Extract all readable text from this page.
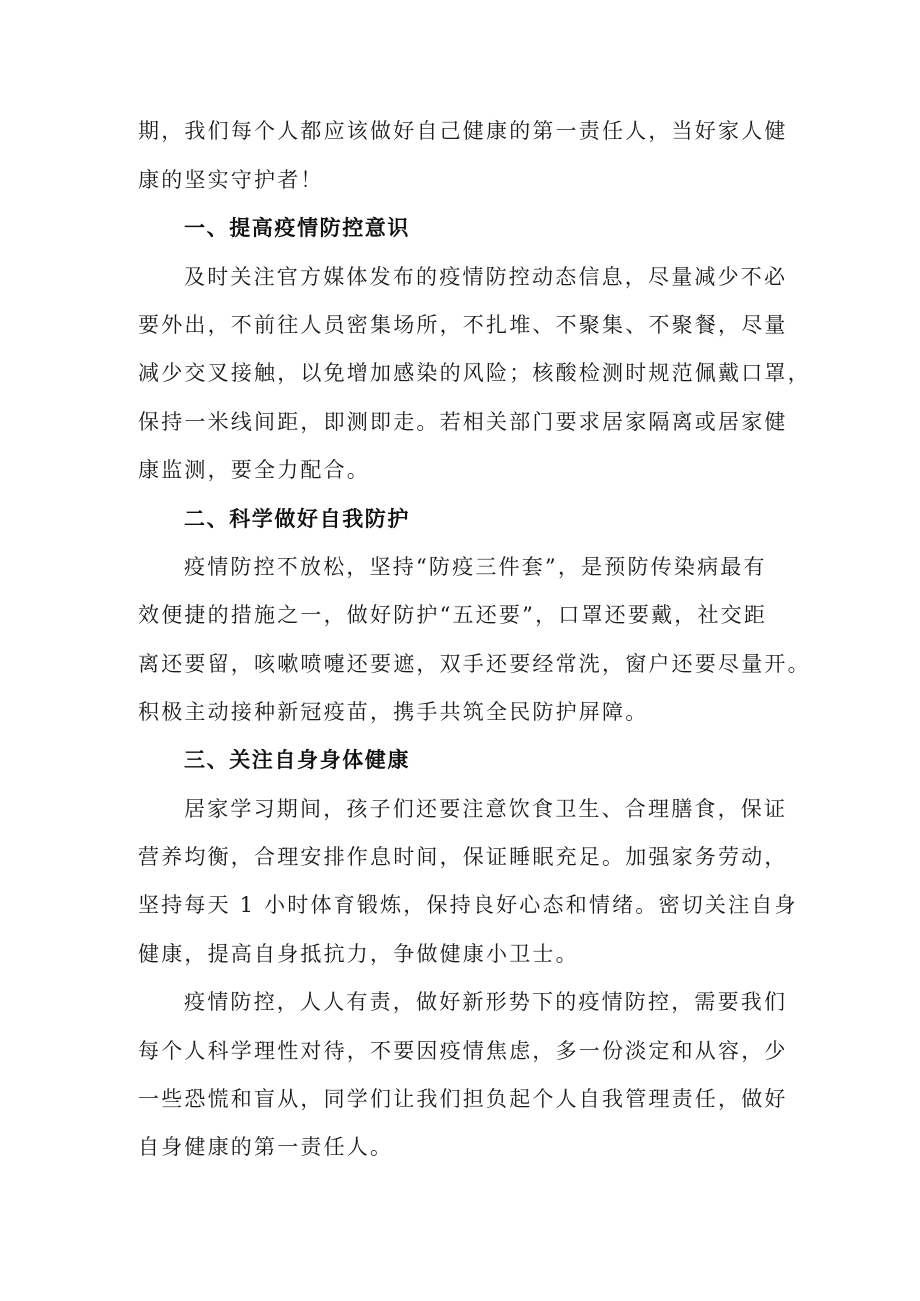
期，我们每个人都应该做好自己健康的第一责任人，当好家人健
康的坚实守护者！
一、提高疫情防控意识
及时关注官方媒体发布的疫情防控动态信息，尽量减少不必
要外出，不前往人员密集场所，不扎堆、不聚集、不聚餐，尽量
减少交叉接触，以免增加感染的风险；核酸检测时规范佩戴口罩，
保持一米线间距，即测即走。若相关部门要求居家隔离或居家健
康监测，要全力配合。
二、科学做好自我防护
疫情防控不放松，坚持“防疫三件套”，是预防传染病最有
效便捷的措施之一，做好防护“五还要”，口罩还要戴，社交距
离还要留，咳嗽喷嚏还要遮，双手还要经常洗，窗户还要尽量开。
积极主动接种新冠疫苗，携手共筑全民防护屏障。
三、关注自身身体健康
居家学习期间，孩子们还要注意饮食卫生、合理膳食，保证
营养均衡，合理安排作息时间，保证睡眠充足。加强家务劳动，
坚持每天 1 小时体育锻炼，保持良好心态和情绪。密切关注自身
健康，提高自身抵抗力，争做健康小卫士。
疫情防控，人人有责，做好新形势下的疫情防控，需要我们
每个人科学理性对待，不要因疫情焦虑，多一份淡定和从容，少
一些恐慌和盲从，同学们让我们担负起个人自我管理责任，做好
自身健康的第一责任人。
